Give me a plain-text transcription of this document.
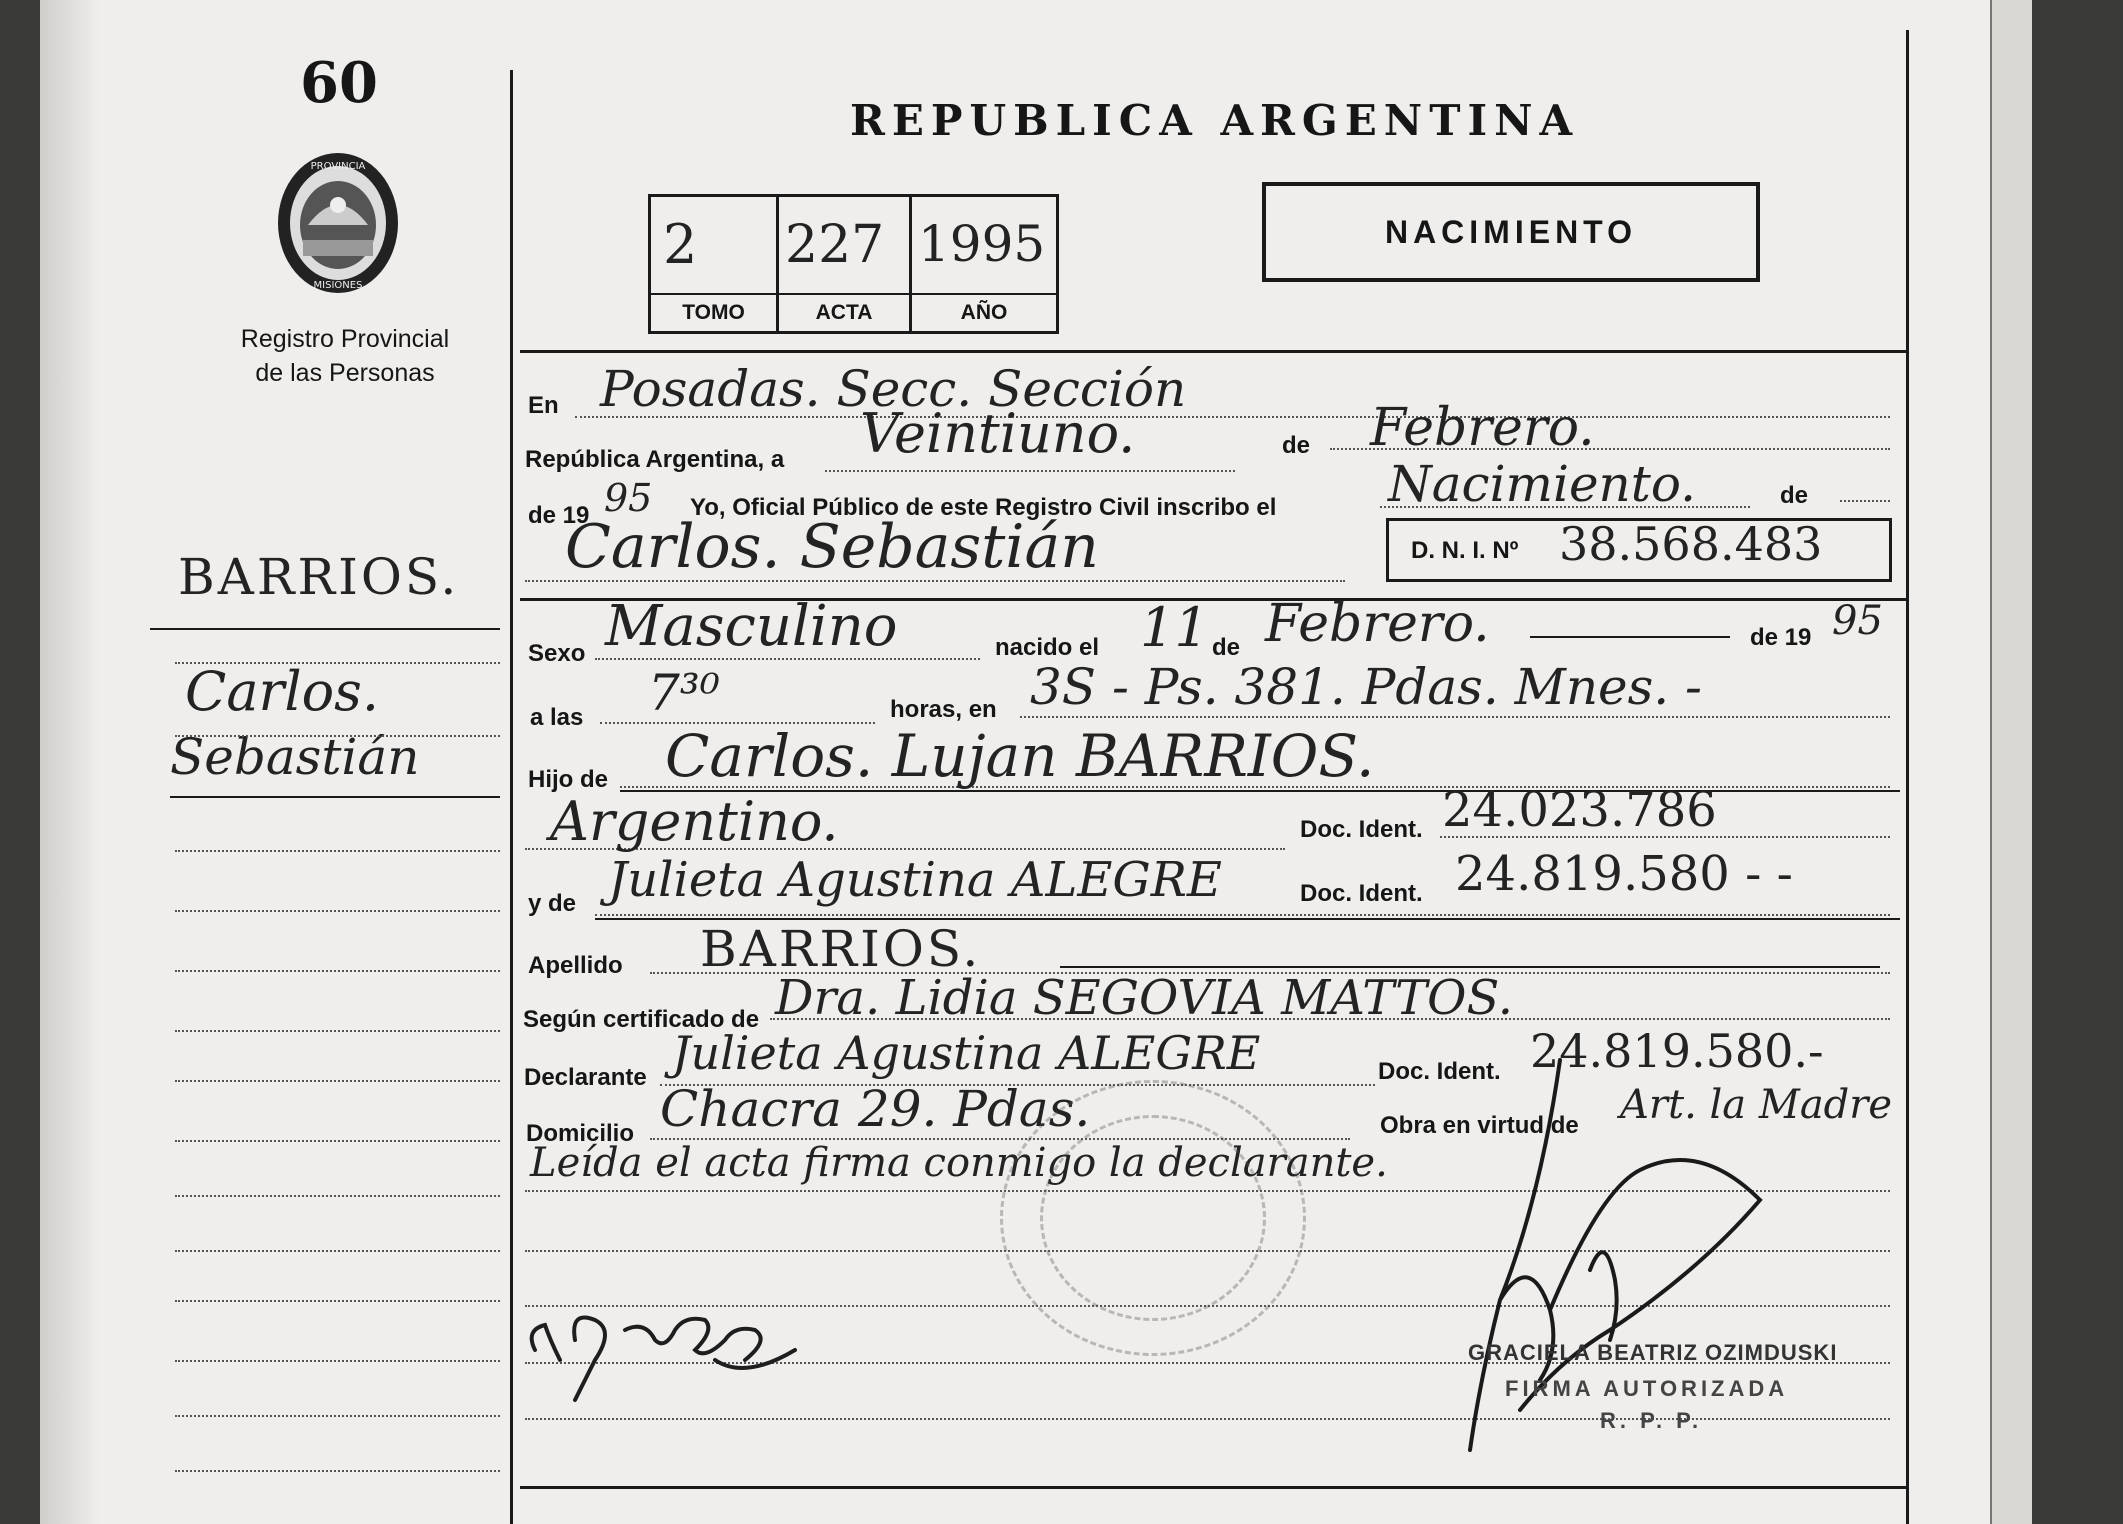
60
PROVINCIA
MISIONES
Registro Provincial
de las Personas
BARRIOS.
Carlos.
Sebastián
REPUBLICA ARGENTINA
NACIMIENTO
2
TOMO
227
ACTA
1995
AÑO
En Posadas. Secc. Sección
República Argentina, a Veintiuno.	de Febrero.
de 19 95 Yo, Oficial Público de este Registro Civil inscribo el Nacimiento.	de
Carlos. Sebastián	D. N. I. Nº 38.568.483
Sexo Masculino	nacido el 11 de Febrero.	de 19 95
a las 7³⁰	horas, en 3S - Ps. 381. Pdas. Mnes. -
Hijo de Carlos. Lujan BARRIOS.
Argentino.	Doc. Ident. 24.023.786
y de Julieta Agustina ALEGRE	Doc. Ident. 24.819.580 - -
Apellido BARRIOS.
Según certificado de Dra. Lidia SEGOVIA MATTOS.
Declarante Julieta Agustina ALEGRE	Doc. Ident. 24.819.580.-
Domicilio Chacra 29. Pdas.	Obra en virtud de Art. la Madre
Leída el acta firma conmigo la declarante.
GRACIELA BEATRIZ OZIMDUSKI
FIRMA AUTORIZADA
R. P. P.
